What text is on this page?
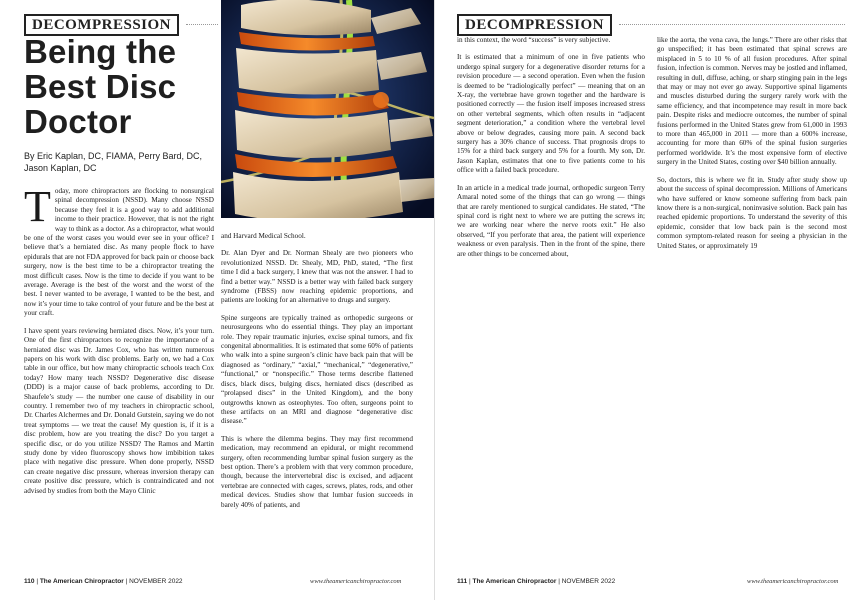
DECOMPRESSION
Being the Best Disc Doctor
By Eric Kaplan, DC, FIAMA, Perry Bard, DC, Jason Kaplan, DC

Today, more chiropractors are flocking to nonsurgical spinal decompression (NSSD). Many choose NSSD because they feel it is a good way to add additional income to their practice. However, that is not the right way to think as a doctor. As a chiropractor, what would be one of the worst cases you would ever see in your office? I believe that’s a herniated disc. As many people flock to have epidurals that are not FDA approved for back pain or choose back surgery, now is the best time to be a chiropractor treating the most difficult cases. Now is the time to decide if you want to be average. Average is the best of the worst and the worst of the best. I never wanted to be average, I wanted to be the best, and now it’s your time to take control of your future and be the best at your craft.

I have spent years reviewing herniated discs. Now, it’s your turn. One of the first chiropractors to recognize the importance of a herniated disc was Dr. James Cox, who has written numerous papers on his work with disc problems. Early on, we had a Cox table in our office, but how many chiropractic schools teach Cox today? How many teach NSSD? Degenerative disc disease (DDD) is a major cause of back problems, according to Dr. Shaufele’s study — the number one cause of disability in our country. I remember two of my teachers in chiropractic school, Dr. Charles Alchermes and Dr. Donald Gutstein, saying we do not treat symptoms — we treat the cause! My question is, if it is a disc problem, how are you treating the disc? Do you target a specific disc, or do you utilize NSSD? The Ramos and Martin study done by video fluoroscopy shows how imbibition takes place with negative disc pressure. When done properly, NSSD can create negative disc pressure, whereas inversion therapy can create positive disc pressure, which is contraindicated and not advised by studies from both the Mayo Clinic

and Harvard Medical School.

Dr. Alan Dyer and Dr. Norman Shealy are two pioneers who revolutionized NSSD. Dr. Shealy, MD, PhD, stated, “The first time I did a back surgery, I knew that was not the answer. I had to find a better way.” NSSD is a better way with failed back surgery syndrome (FBSS) now reaching epidemic proportions, and patients are looking for an alternative to drugs and surgery.

Spine surgeons are typically trained as orthopedic surgeons or neurosurgeons who do essential things. They play an important role. They repair traumatic injuries, excise spinal tumors, and fix congenital abnormalities. It is estimated that some 60% of patients who walk into a spine surgeon’s clinic have back pain that will be diagnosed as “ordinary,” “axial,” “mechanical,” “degenerative,” “functional,” or “nonspecific.” Those terms describe flattened discs, black discs, bulging discs, herniated discs (described as “prolapsed discs” in the United Kingdom), and the bony outgrowths known as osteophytes. Too often, surgeons point to these artifacts on an MRI and diagnose “degenerative disc disease.”

This is where the dilemma begins. They may first recommend medication, may recommend an epidural, or might recommend surgery, often recommending lumbar spinal fusion surgery as the best option. There’s a problem with that very common procedure, though, because the intervertebral disc is excised, and adjacent vertebrae are connected with cages, screws, plates, rods, and other medical devices. Studies show that lumbar fusion succeeds in barely 40% of patients, and

110 | The American Chiropractor | NOVEMBER 2022	www.theamericanchiropractor.com
DECOMPRESSION

in this context, the word “success” is very subjective.

It is estimated that a minimum of one in five patients who undergo spinal surgery for a degenerative disorder returns for a revision procedure — a second operation. Even when the fusion is deemed to be “radiologically perfect” — meaning that on an X-ray, the vertebrae have grown together and the hardware is positioned correctly — the fusion itself imposes increased stress on other vertebral segments, which often results in “adjacent segment deterioration,” a condition where the vertebral level above or below degrades, causing more pain. A second back surgery has a 30% chance of success. That prognosis drops to 15% for a third back surgery and 5% for a fourth. My son, Dr. Jason Kaplan, estimates that one to five patients come to his office with a failed back procedure.

In an article in a medical trade journal, orthopedic surgeon Terry Amaral noted some of the things that can go wrong — things that are rarely mentioned to surgical candidates. He stated, “The spinal cord is right next to where we are putting the screws in; we are working near where the nerve roots exit.” He also observed, “If you perforate that area, the patient will experience weakness or even paralysis. Then in the front of the spine, there are other things to be concerned about,

like the aorta, the vena cava, the lungs.” There are other risks that go unspecified; it has been estimated that spinal screws are misplaced in 5 to 10 % of all fusion procedures. After spinal fusion, infection is common. Nerves may be jostled and inflamed, resulting in dull, diffuse, aching, or sharp stinging pain in the legs that may or may not ever go away. Supportive spinal ligaments and muscles disturbed during the surgery rarely work with the same efficiency, and that incompetence may result in more back pain. Despite risks and mediocre outcomes, the number of spinal fusions performed in the United States grew from 61,000 in 1993 to more than 465,000 in 2011 — more than a 600% increase, accounting for more than 60% of the spinal fusion surgeries performed worldwide. It’s the most expensive form of elective surgery in the United States, costing over $40 billion annually.

So, doctors, this is where we fit in. Study after study show up about the success of spinal decompression. Millions of Americans who have suffered or know someone suffering from back pain know there is a non-surgical, noninvasive solution. Back pain has reached epidemic proportions. To understand the severity of this epidemic, consider that low back pain is the second most common symptom-related reason for seeing a physician in the United States, or approximately 19

111 | The American Chiropractor | NOVEMBER 2022	www.theamericanchiropractor.com
